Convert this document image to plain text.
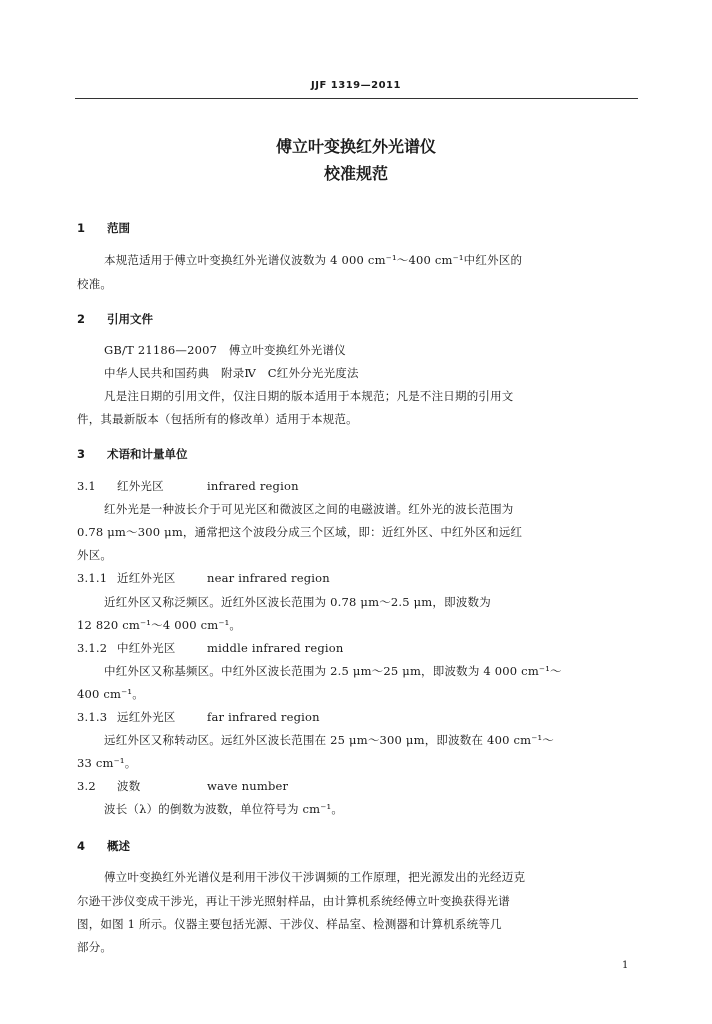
JJF 1319—2011
傅立叶变换红外光谱仪
校准规范
1 范围
本规范适用于傅立叶变换红外光谱仪波数为 4 000 cm⁻¹～400 cm⁻¹中红外区的
校准。
2 引用文件
GB/T 21186—2007　傅立叶变换红外光谱仪
中华人民共和国药典　附录Ⅳ　C红外分光光度法
凡是注日期的引用文件，仅注日期的版本适用于本规范；凡是不注日期的引用文
件，其最新版本（包括所有的修改单）适用于本规范。
3 术语和计量单位
3.1 红外光区	infrared region
红外光是一种波长介于可见光区和微波区之间的电磁波谱。红外光的波长范围为
0.78 μm～300 μm，通常把这个波段分成三个区域，即：近红外区、中红外区和远红
外区。
3.1.1 近红外光区	near infrared region
近红外区又称泛频区。近红外区波长范围为 0.78 μm～2.5 μm，即波数为
12 820 cm⁻¹～4 000 cm⁻¹。
3.1.2 中红外光区	middle infrared region
中红外区又称基频区。中红外区波长范围为 2.5 μm～25 μm，即波数为 4 000 cm⁻¹～
400 cm⁻¹。
3.1.3 远红外光区	far infrared region
远红外区又称转动区。远红外区波长范围在 25 μm～300 μm，即波数在 400 cm⁻¹～
33 cm⁻¹。
3.2 波数	wave number
波长（λ）的倒数为波数，单位符号为 cm⁻¹。
4 概述
傅立叶变换红外光谱仪是利用干涉仪干涉调频的工作原理，把光源发出的光经迈克
尔逊干涉仪变成干涉光，再让干涉光照射样品，由计算机系统经傅立叶变换获得光谱
图，如图 1 所示。仪器主要包括光源、干涉仪、样品室、检测器和计算机系统等几
部分。
1
